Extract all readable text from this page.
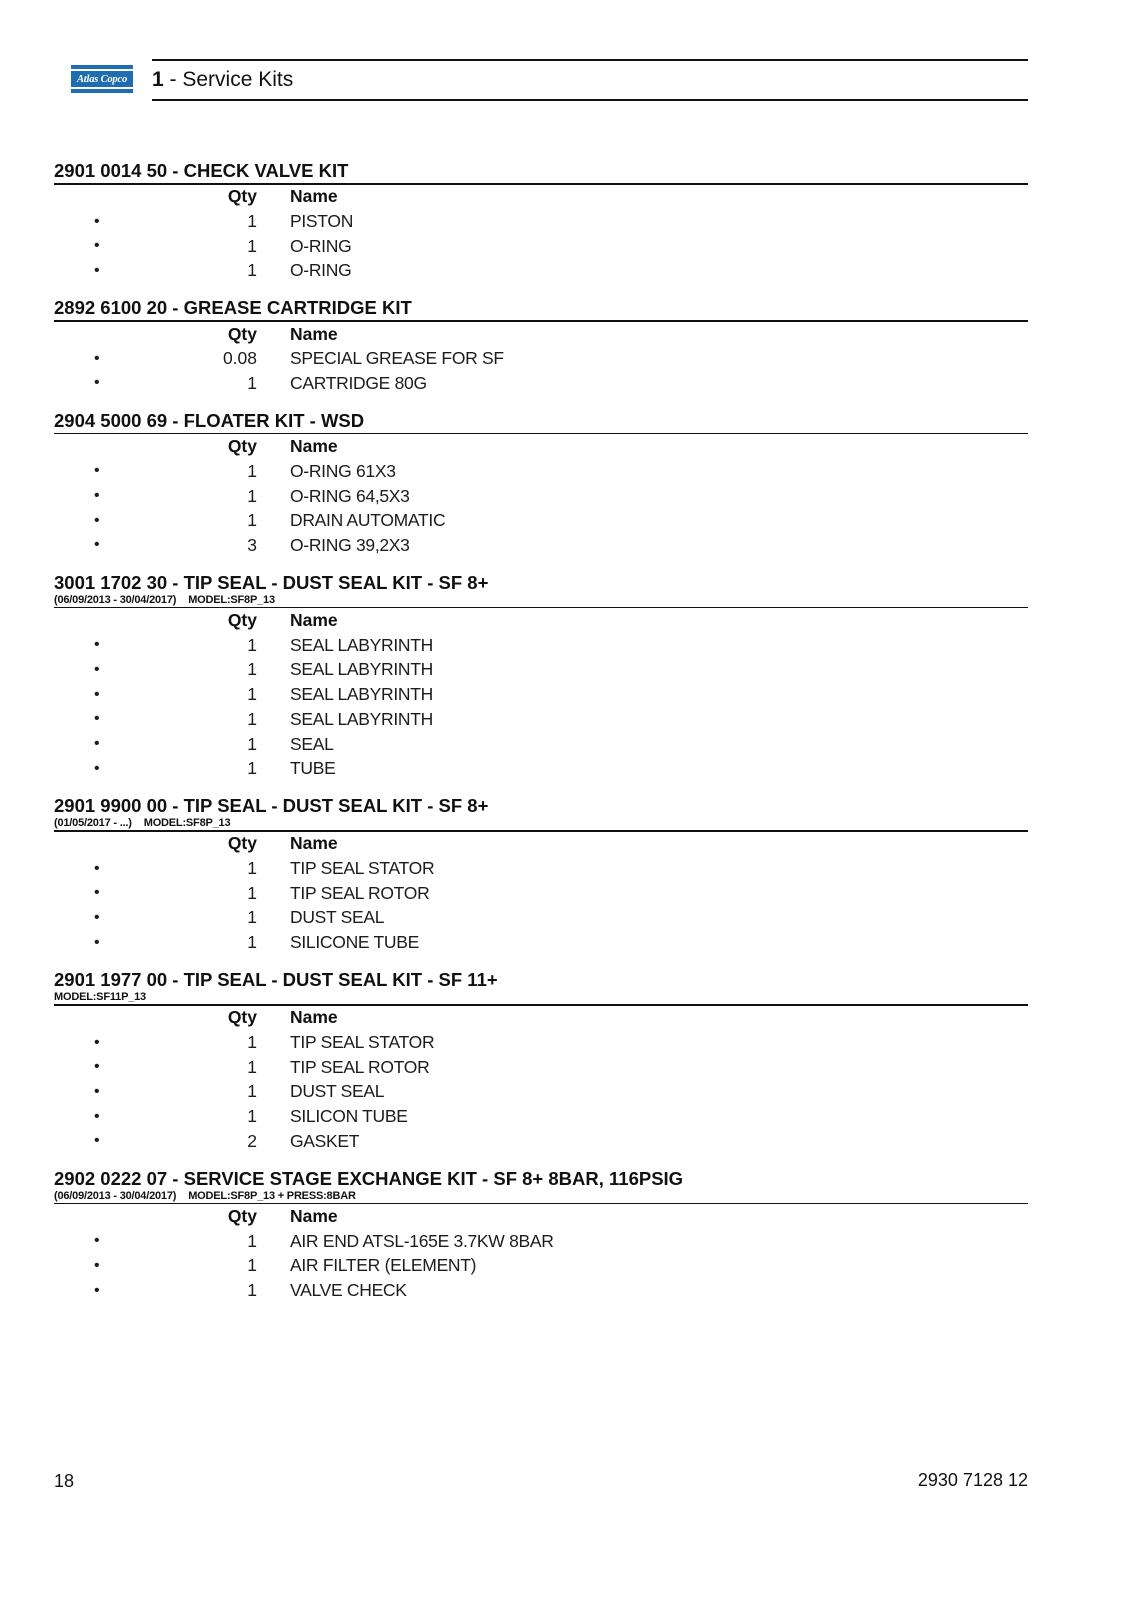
Atlas Copco 1 - Service Kits
2901 0014 50 - CHECK VALVE KIT
	Qty	Name
•	1	PISTON
•	1	O-RING
•	1	O-RING
2892 6100 20 - GREASE CARTRIDGE KIT
	Qty	Name
•	0.08	SPECIAL GREASE FOR SF
•	1	CARTRIDGE 80G
2904 5000 69 - FLOATER KIT - WSD
	Qty	Name
•	1	O-RING 61X3
•	1	O-RING 64,5X3
•	1	DRAIN AUTOMATIC
•	3	O-RING 39,2X3
3001 1702 30 - TIP SEAL - DUST SEAL KIT - SF 8+
(06/09/2013 - 30/04/2017) MODEL:SF8P_13
	Qty	Name
•	1	SEAL LABYRINTH
•	1	SEAL LABYRINTH
•	1	SEAL LABYRINTH
•	1	SEAL LABYRINTH
•	1	SEAL
•	1	TUBE
2901 9900 00 - TIP SEAL - DUST SEAL KIT - SF 8+
(01/05/2017 - ...) MODEL:SF8P_13
	Qty	Name
•	1	TIP SEAL STATOR
•	1	TIP SEAL ROTOR
•	1	DUST SEAL
•	1	SILICONE TUBE
2901 1977 00 - TIP SEAL - DUST SEAL KIT - SF 11+
MODEL:SF11P_13
	Qty	Name
•	1	TIP SEAL STATOR
•	1	TIP SEAL ROTOR
•	1	DUST SEAL
•	1	SILICON TUBE
•	2	GASKET
2902 0222 07 - SERVICE STAGE EXCHANGE KIT - SF 8+ 8BAR, 116PSIG
(06/09/2013 - 30/04/2017) MODEL:SF8P_13 + PRESS:8BAR
	Qty	Name
•	1	AIR END ATSL-165E 3.7KW 8BAR
•	1	AIR FILTER (ELEMENT)
•	1	VALVE CHECK
18	2930 7128 12
